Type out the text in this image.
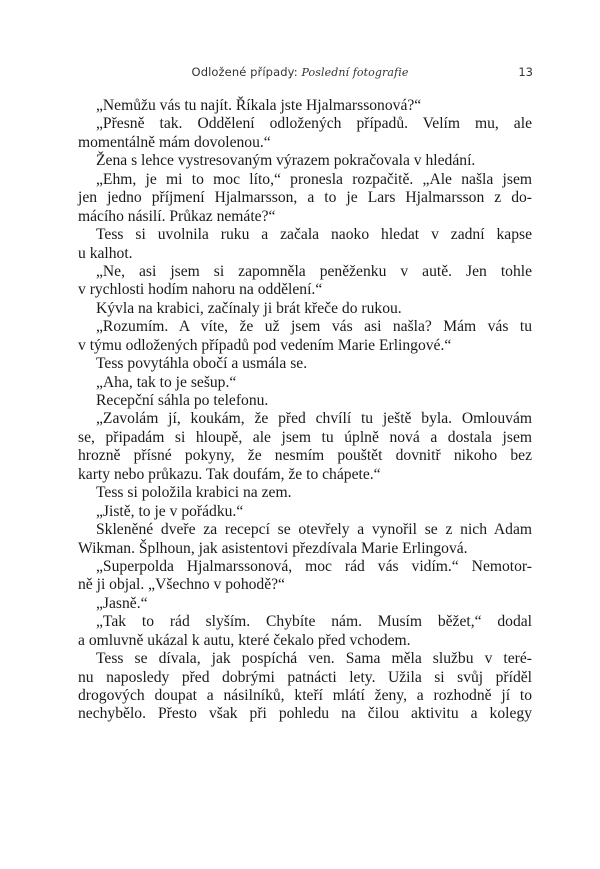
Odložené případy: Poslední fotografie	13
„Nemůžu vás tu najít. Říkala jste Hjalmarssonová?“
„Přesně tak. Oddělení odložených případů. Velím mu, ale
momentálně mám dovolenou.“
Žena s lehce vystresovaným výrazem pokračovala v hledání.
„Ehm, je mi to moc líto,“ pronesla rozpačitě. „Ale našla jsem
jen jedno příjmení Hjalmarsson, a to je Lars Hjalmarsson z do-
mácího násilí. Průkaz nemáte?“
Tess si uvolnila ruku a začala naoko hledat v zadní kapse
u kalhot.
„Ne, asi jsem si zapomněla peněženku v autě. Jen tohle
v rychlosti hodím nahoru na oddělení.“
Kývla na krabici, začínaly ji brát křeče do rukou.
„Rozumím. A víte, že už jsem vás asi našla? Mám vás tu
v týmu odložených případů pod vedením Marie Erlingové.“
Tess povytáhla obočí a usmála se.
„Aha, tak to je sešup.“
Recepční sáhla po telefonu.
„Zavolám jí, koukám, že před chvílí tu ještě byla. Omlouvám
se, připadám si hloupě, ale jsem tu úplně nová a dostala jsem
hrozně přísné pokyny, že nesmím pouštět dovnitř nikoho bez
karty nebo průkazu. Tak doufám, že to chápete.“
Tess si položila krabici na zem.
„Jistě, to je v pořádku.“
Skleněné dveře za recepcí se otevřely a vynořil se z nich Adam
Wikman. Šplhoun, jak asistentovi přezdívala Marie Erlingová.
„Superpolda Hjalmarssonová, moc rád vás vidím.“ Nemotor-
ně ji objal. „Všechno v pohodě?“
„Jasně.“
„Tak to rád slyším. Chybíte nám. Musím běžet,“ dodal
a omluvně ukázal k autu, které čekalo před vchodem.
Tess se dívala, jak pospíchá ven. Sama měla službu v teré-
nu naposledy před dobrými patnácti lety. Užila si svůj příděl
drogových doupat a násilníků, kteří mlátí ženy, a rozhodně jí to
nechybělo. Přesto však při pohledu na čilou aktivitu a kolegy
